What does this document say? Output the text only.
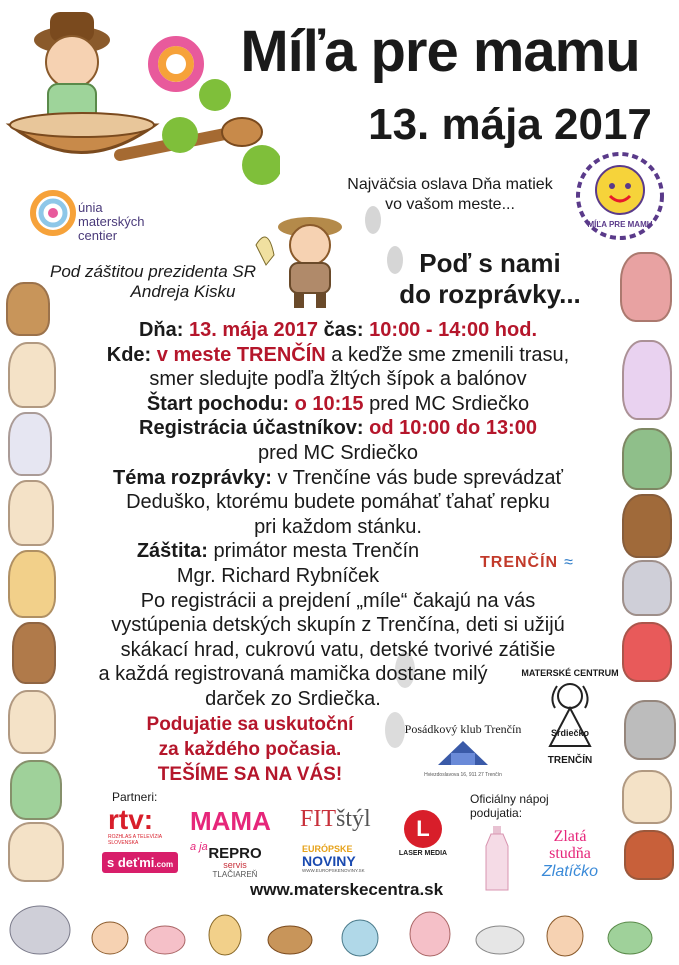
únia
materských
centier
MÍĽA PRE MAMU
Míľa pre mamu
13. mája 2017
Najväčsia oslava Dňa matiek
vo vašom meste...
Poď s nami
do rozprávky...
Pod záštitou prezidenta SR
Andreja Kisku
Dňa: 13. mája 2017 čas: 10:00 - 14:00 hod.
Kde: v meste TRENČÍN a keďže sme zmenili trasu,
smer sledujte podľa žltých šípok a balónov
Štart pochodu: o 10:15 pred MC Srdiečko
Registrácia účastníkov: od 10:00 do 13:00
pred MC Srdiečko
Téma rozprávky: v Trenčíne vás bude sprevádzať
Deduško, ktorému budete pomáhať ťahať repku
pri každom stánku.
Záštita: primátor mesta Trenčín
Mgr. Richard Rybníček
Po registrácii a prejdení „míle“ čakajú na vás
vystúpenia detských skupín z Trenčína, deti si užijú
skákací hrad, cukrovú vatu, detské tvorivé zátišie
a každá registrovaná mamička dostane milý
darček zo Srdiečka.
TRENČÍN ≈
MATERSKÉ CENTRUM
Srdiečko
TRENČÍN
Posádkový klub Trenčín
Hviezdoslavova 16, 911 27 Trenčín
Podujatie sa uskutoční
za každého počasia.
TEŠÍME SA NA VÁS!
Partneri:
rtv:
ROZHLAS A TELEVÍZIA SLOVENSKA
MAMA a ja
FITštýl	L
LASER MEDIA
s deťmi.com
REPRO
servis
TLAČIAREŇ
EURÓPSKE
NOVINY
WWW.EUROPSKENOVINY.SK
Oficiálny nápoj
podujatia:
Zlatá
studňa
Zlatíčko
www.materskecentra.sk
